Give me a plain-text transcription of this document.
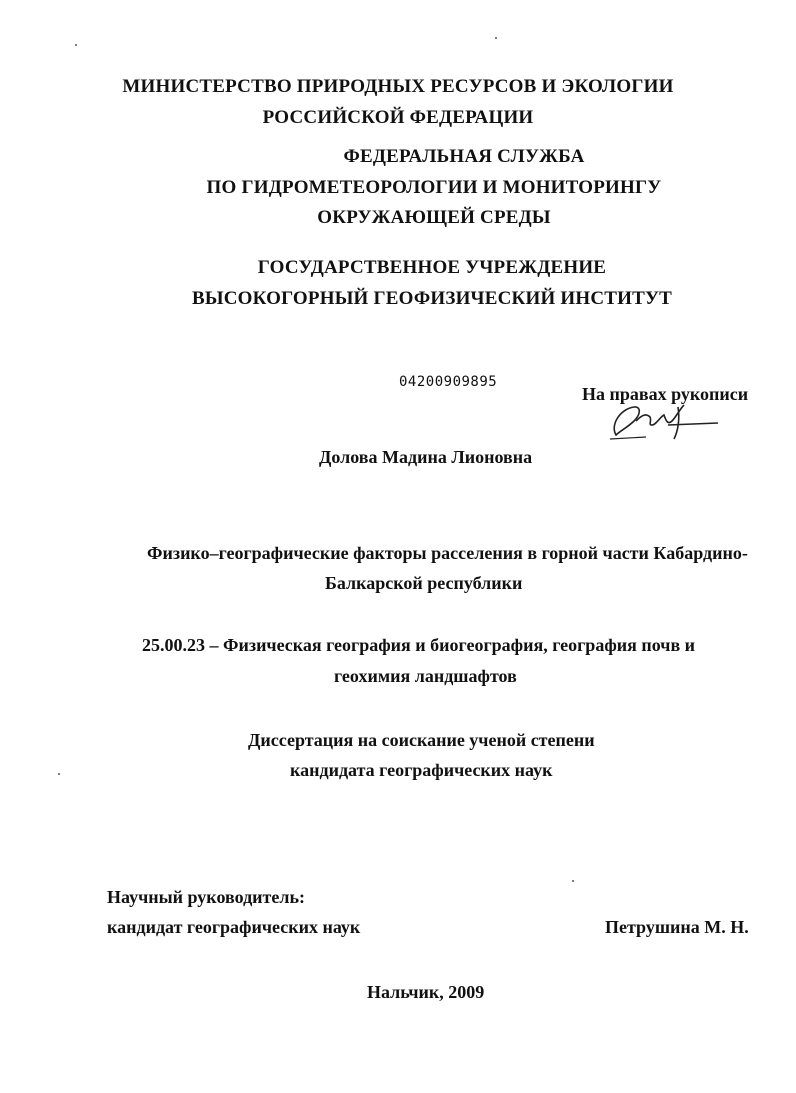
МИНИСТЕРСТВО ПРИРОДНЫХ РЕСУРСОВ И ЭКОЛОГИИ
РОССИЙСКОЙ ФЕДЕРАЦИИ
ФЕДЕРАЛЬНАЯ СЛУЖБА
ПО ГИДРОМЕТЕОРОЛОГИИ И МОНИТОРИНГУ
ОКРУЖАЮЩЕЙ СРЕДЫ
ГОСУДАРСТВЕННОЕ УЧРЕЖДЕНИЕ
ВЫСОКОГОРНЫЙ ГЕОФИЗИЧЕСКИЙ ИНСТИТУТ
04200909895
На правах рукописи
Долова Мадина Лионовна
Физико–географические факторы расселения в горной части Кабардино-
Балкарской республики
25.00.23 – Физическая география и биогеография, география почв и
геохимия ландшафтов
Диссертация на соискание ученой степени
кандидата географических наук
Научный руководитель:
кандидат географических наук	Петрушина М. Н.
Нальчик, 2009
